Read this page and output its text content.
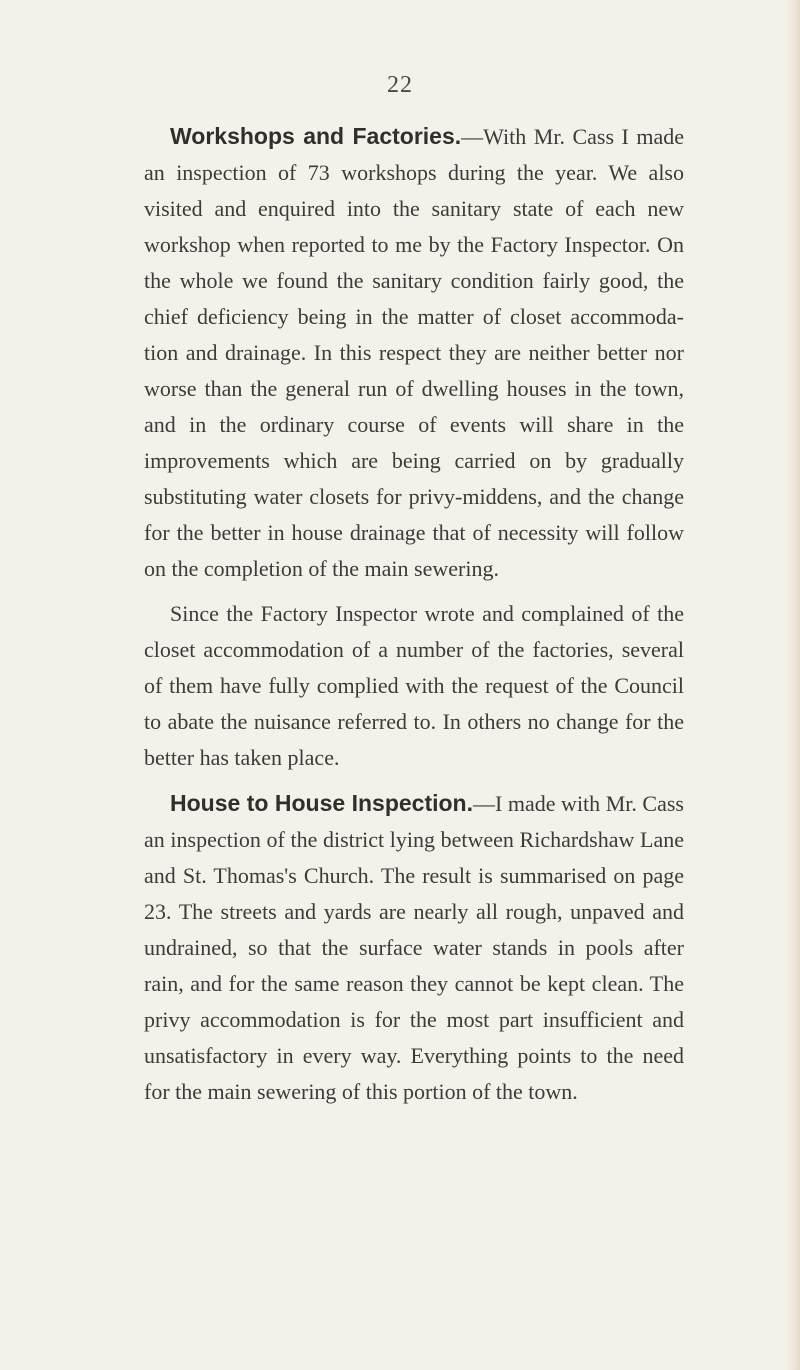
22

Workshops and Factories.—With Mr. Cass I made an inspection of 73 workshops during the year. We also visited and enquired into the sanitary state of each new workshop when reported to me by the Factory Inspector. On the whole we found the sanitary condition fairly good, the chief deficiency being in the matter of closet accommoda-tion and drainage. In this respect they are neither better nor worse than the general run of dwelling houses in the town, and in the ordinary course of events will share in the improvements which are being carried on by gradually substituting water closets for privy-middens, and the change for the better in house drainage that of necessity will follow on the completion of the main sewering.

Since the Factory Inspector wrote and complained of the closet accommodation of a number of the factories, several of them have fully complied with the request of the Council to abate the nuisance referred to. In others no change for the better has taken place.

House to House Inspection.—I made with Mr. Cass an inspection of the district lying between Richardshaw Lane and St. Thomas's Church. The result is summarised on page 23. The streets and yards are nearly all rough, unpaved and undrained, so that the surface water stands in pools after rain, and for the same reason they cannot be kept clean. The privy accommodation is for the most part insufficient and unsatisfactory in every way. Everything points to the need for the main sewering of this portion of the town.
